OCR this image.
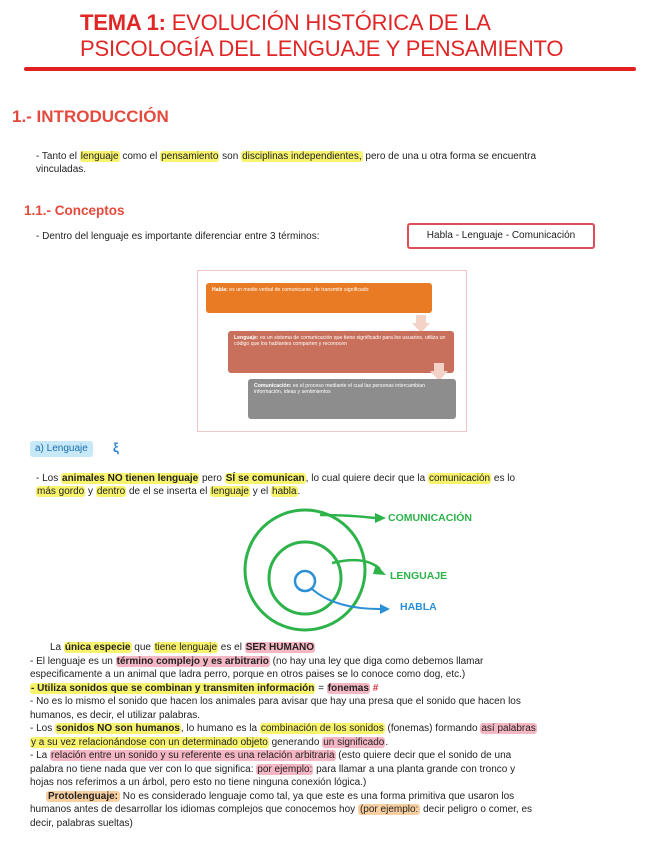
TEMA 1: EVOLUCIÓN HISTÓRICA DE LA
PSICOLOGÍA DEL LENGUAJE Y PENSAMIENTO
1.- INTRODUCCIÓN
- Tanto el lenguaje como el pensamiento son disciplinas independientes, pero de una u otra forma se encuentra
vinculadas.
1.1.- Conceptos
- Dentro del lenguaje es importante diferenciar entre 3 términos:	Habla - Lenguaje - Comunicación
Habla: es un medio verbal de comunicarse, de transmitir significado
Lenguaje: es un sistema de comunicación que tiene significado para los usuarios, utiliza un código que los hablantes comparten y reconocen
Comunicación: es el proceso mediante el cual las personas intercambian información, ideas y sentimientos
a) Lenguaje	ξ
- Los animales NO tienen lenguaje pero SÍ se comunican, lo cual quiere decir que la comunicación es lo
más gordo y dentro de el se inserta el lenguaje y el habla.
COMUNICACIÓN
LENGUAJE
HABLA
La única especie que tiene lenguaje es el SER HUMANO
- El lenguaje es un término complejo y es arbitrario (no hay una ley que diga como debemos llamar
especificamente a un animal que ladra perro, porque en otros paises se lo conoce como dog, etc.)
- Utiliza sonidos que se combinan y transmiten información = fonemas #
- No es lo mismo el sonido que hacen los animales para avisar que hay una presa que el sonido que hacen los
humanos, es decir, el utilizar palabras.
- Los sonidos NO son humanos, lo humano es la combinación de los sonidos (fonemas) formando así palabras
y a su vez relacionándose con un determinado objeto generando un significado.
- La relación entre un sonido y su referente es una relación arbitraria (esto quiere decir que el sonido de una
palabra no tiene nada que ver con lo que significa: por ejemplo: para llamar a una planta grande con tronco y
hojas nos referimos a un árbol, pero esto no tiene ninguna conexión lógica.)
Protolenguaje: No es considerado lenguaje como tal, ya que este es una forma primitiva que usaron los
humanos antes de desarrollar los idiomas complejos que conocemos hoy (por ejemplo: decir peligro o comer, es
decir, palabras sueltas)
